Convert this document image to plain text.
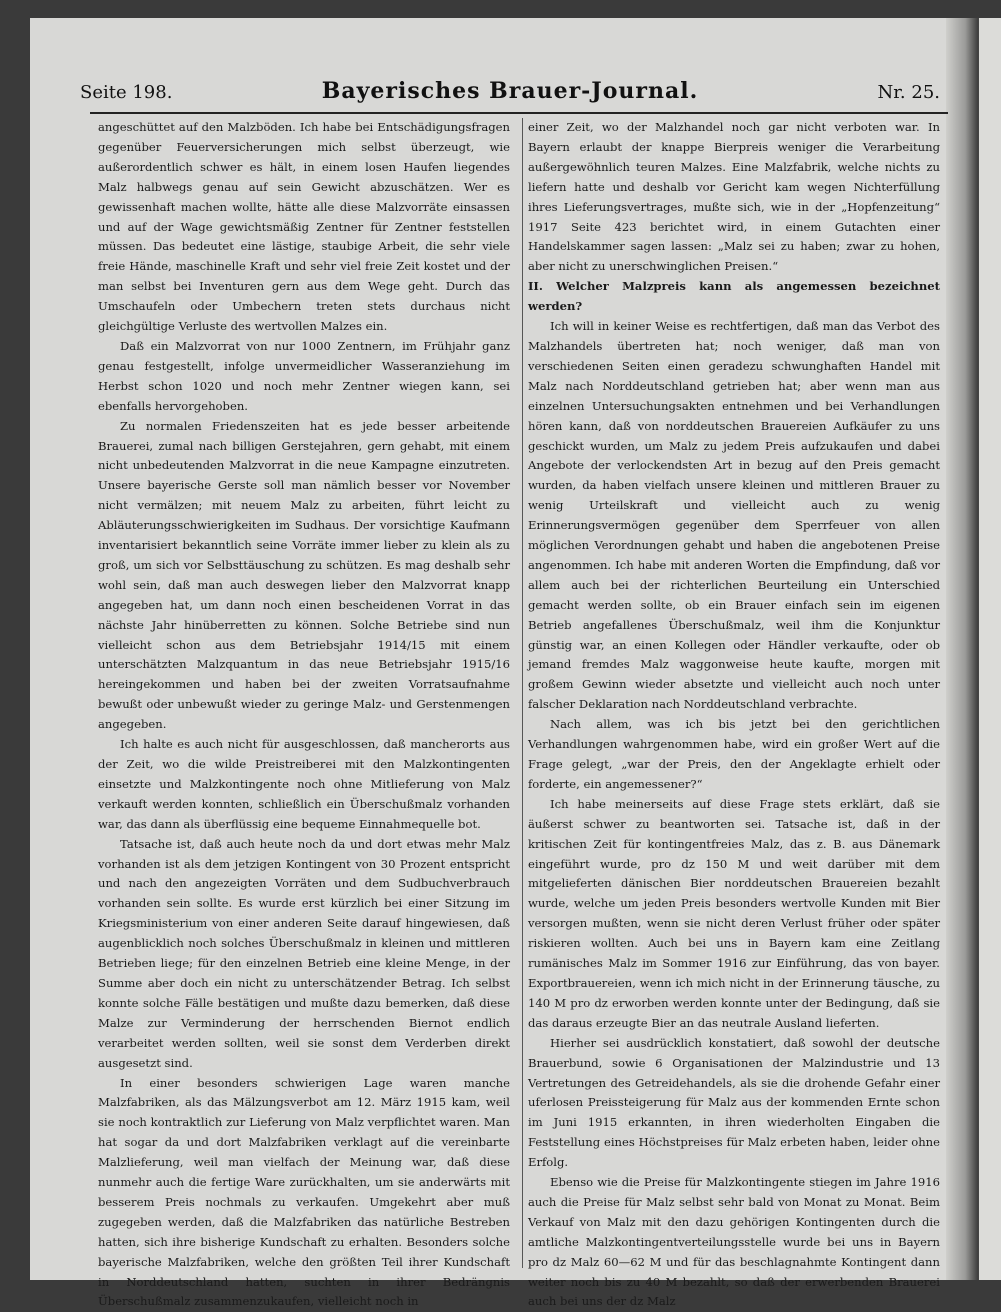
Seite 198.	Bayerisches Brauer-Journal.	Nr. 25.

angeschüttet auf den Malzböden. Ich habe bei Entschädigungsfragen gegenüber Feuerversicherungen mich selbst überzeugt, wie außerordentlich schwer es hält, in einem losen Haufen liegendes Malz halbwegs genau auf sein Gewicht abzuschätzen. Wer es gewissenhaft machen wollte, hätte alle diese Malzvorräte einsassen und auf der Wage gewichtsmäßig Zentner für Zentner feststellen müssen. Das bedeutet eine lästige, staubige Arbeit, die sehr viele freie Hände, maschinelle Kraft und sehr viel freie Zeit kostet und der man selbst bei Inventuren gern aus dem Wege geht. Durch das Umschaufeln oder Umbechern treten stets durchaus nicht gleichgültige Verluste des wertvollen Malzes ein.

Daß ein Malzvorrat von nur 1000 Zentnern, im Frühjahr ganz genau festgestellt, infolge unvermeidlicher Wasseranziehung im Herbst schon 1020 und noch mehr Zentner wiegen kann, sei ebenfalls hervorgehoben.

Zu normalen Friedenszeiten hat es jede besser arbeitende Brauerei, zumal nach billigen Gerstejahren, gern gehabt, mit einem nicht unbedeutenden Malzvorrat in die neue Kampagne einzutreten. Unsere bayerische Gerste soll man nämlich besser vor November nicht vermälzen; mit neuem Malz zu arbeiten, führt leicht zu Abläuterungsschwierigkeiten im Sudhaus. Der vorsichtige Kaufmann inventarisiert bekanntlich seine Vorräte immer lieber zu klein als zu groß, um sich vor Selbsttäuschung zu schützen. Es mag deshalb sehr wohl sein, daß man auch deswegen lieber den Malzvorrat knapp angegeben hat, um dann noch einen bescheidenen Vorrat in das nächste Jahr hinüberretten zu können. Solche Betriebe sind nun vielleicht schon aus dem Betriebsjahr 1914/15 mit einem unterschätzten Malzquantum in das neue Betriebsjahr 1915/16 hereingekommen und haben bei der zweiten Vorratsaufnahme bewußt oder unbewußt wieder zu geringe Malz- und Gerstenmengen angegeben.

Ich halte es auch nicht für ausgeschlossen, daß mancherorts aus der Zeit, wo die wilde Preistreiberei mit den Malzkontingenten einsetzte und Malzkontingente noch ohne Mitlieferung von Malz verkauft werden konnten, schließlich ein Überschußmalz vorhanden war, das dann als überflüssig eine bequeme Einnahmequelle bot.

Tatsache ist, daß auch heute noch da und dort etwas mehr Malz vorhanden ist als dem jetzigen Kontingent von 30 Prozent entspricht und nach den angezeigten Vorräten und dem Sudbuchverbrauch vorhanden sein sollte. Es wurde erst kürzlich bei einer Sitzung im Kriegsministerium von einer anderen Seite darauf hingewiesen, daß augenblicklich noch solches Überschußmalz in kleinen und mittleren Betrieben liege; für den einzelnen Betrieb eine kleine Menge, in der Summe aber doch ein nicht zu unterschätzender Betrag. Ich selbst konnte solche Fälle bestätigen und mußte dazu bemerken, daß diese Malze zur Verminderung der herrschenden Biernot endlich verarbeitet werden sollten, weil sie sonst dem Verderben direkt ausgesetzt sind.

In einer besonders schwierigen Lage waren manche Malzfabriken, als das Mälzungsverbot am 12. März 1915 kam, weil sie noch kontraktlich zur Lieferung von Malz verpflichtet waren. Man hat sogar da und dort Malzfabriken verklagt auf die vereinbarte Malzlieferung, weil man vielfach der Meinung war, daß diese nunmehr auch die fertige Ware zurückhalten, um sie anderwärts mit besserem Preis nochmals zu verkaufen. Umgekehrt aber muß zugegeben werden, daß die Malzfabriken das natürliche Bestreben hatten, sich ihre bisherige Kundschaft zu erhalten. Besonders solche bayerische Malzfabriken, welche den größten Teil ihrer Kundschaft in Norddeutschland hatten, suchten in ihrer Bedrängnis Überschußmalz zusammenzukaufen, vielleicht noch in

einer Zeit, wo der Malzhandel noch gar nicht verboten war. In Bayern erlaubt der knappe Bierpreis weniger die Verarbeitung außergewöhnlich teuren Malzes. Eine Malzfabrik, welche nichts zu liefern hatte und deshalb vor Gericht kam wegen Nichterfüllung ihres Lieferungsvertrages, mußte sich, wie in der „Hopfenzeitung“ 1917 Seite 423 berichtet wird, in einem Gutachten einer Handelskammer sagen lassen: „Malz sei zu haben; zwar zu hohen, aber nicht zu unerschwinglichen Preisen.“

II. Welcher Malzpreis kann als angemessen bezeichnet werden?

Ich will in keiner Weise es rechtfertigen, daß man das Verbot des Malzhandels übertreten hat; noch weniger, daß man von verschiedenen Seiten einen geradezu schwunghaften Handel mit Malz nach Norddeutschland getrieben hat; aber wenn man aus einzelnen Untersuchungsakten entnehmen und bei Verhandlungen hören kann, daß von norddeutschen Brauereien Aufkäufer zu uns geschickt wurden, um Malz zu jedem Preis aufzukaufen und dabei Angebote der verlockendsten Art in bezug auf den Preis gemacht wurden, da haben vielfach unsere kleinen und mittleren Brauer zu wenig Urteilskraft und vielleicht auch zu wenig Erinnerungsvermögen gegenüber dem Sperrfeuer von allen möglichen Verordnungen gehabt und haben die angebotenen Preise angenommen. Ich habe mit anderen Worten die Empfindung, daß vor allem auch bei der richterlichen Beurteilung ein Unterschied gemacht werden sollte, ob ein Brauer einfach sein im eigenen Betrieb angefallenes Überschußmalz, weil ihm die Konjunktur günstig war, an einen Kollegen oder Händler verkaufte, oder ob jemand fremdes Malz waggonweise heute kaufte, morgen mit großem Gewinn wieder absetzte und vielleicht auch noch unter falscher Deklaration nach Norddeutschland verbrachte.

Nach allem, was ich bis jetzt bei den gerichtlichen Verhandlungen wahrgenommen habe, wird ein großer Wert auf die Frage gelegt, „war der Preis, den der Angeklagte erhielt oder forderte, ein angemessener?“

Ich habe meinerseits auf diese Frage stets erklärt, daß sie äußerst schwer zu beantworten sei. Tatsache ist, daß in der kritischen Zeit für kontingentfreies Malz, das z. B. aus Dänemark eingeführt wurde, pro dz 150 M und weit darüber mit dem mitgelieferten dänischen Bier norddeutschen Brauereien bezahlt wurde, welche um jeden Preis besonders wertvolle Kunden mit Bier versorgen mußten, wenn sie nicht deren Verlust früher oder später riskieren wollten. Auch bei uns in Bayern kam eine Zeitlang rumänisches Malz im Sommer 1916 zur Einführung, das von bayer. Exportbrauereien, wenn ich mich nicht in der Erinnerung täusche, zu 140 M pro dz erworben werden konnte unter der Bedingung, daß sie das daraus erzeugte Bier an das neutrale Ausland lieferten.

Hierher sei ausdrücklich konstatiert, daß sowohl der deutsche Brauerbund, sowie 6 Organisationen der Malzindustrie und 13 Vertretungen des Getreidehandels, als sie die drohende Gefahr einer uferlosen Preissteigerung für Malz aus der kommenden Ernte schon im Juni 1915 erkannten, in ihren wiederholten Eingaben die Feststellung eines Höchstpreises für Malz erbeten haben, leider ohne Erfolg.

Ebenso wie die Preise für Malzkontingente stiegen im Jahre 1916 auch die Preise für Malz selbst sehr bald von Monat zu Monat. Beim Verkauf von Malz mit den dazu gehörigen Kontingenten durch die amtliche Malzkontingentverteilungsstelle wurde bei uns in Bayern pro dz Malz 60—62 M und für das beschlagnahmte Kontingent dann weiter noch bis zu 40 M bezahlt, so daß der erwerbenden Brauerei auch bei uns der dz Malz
